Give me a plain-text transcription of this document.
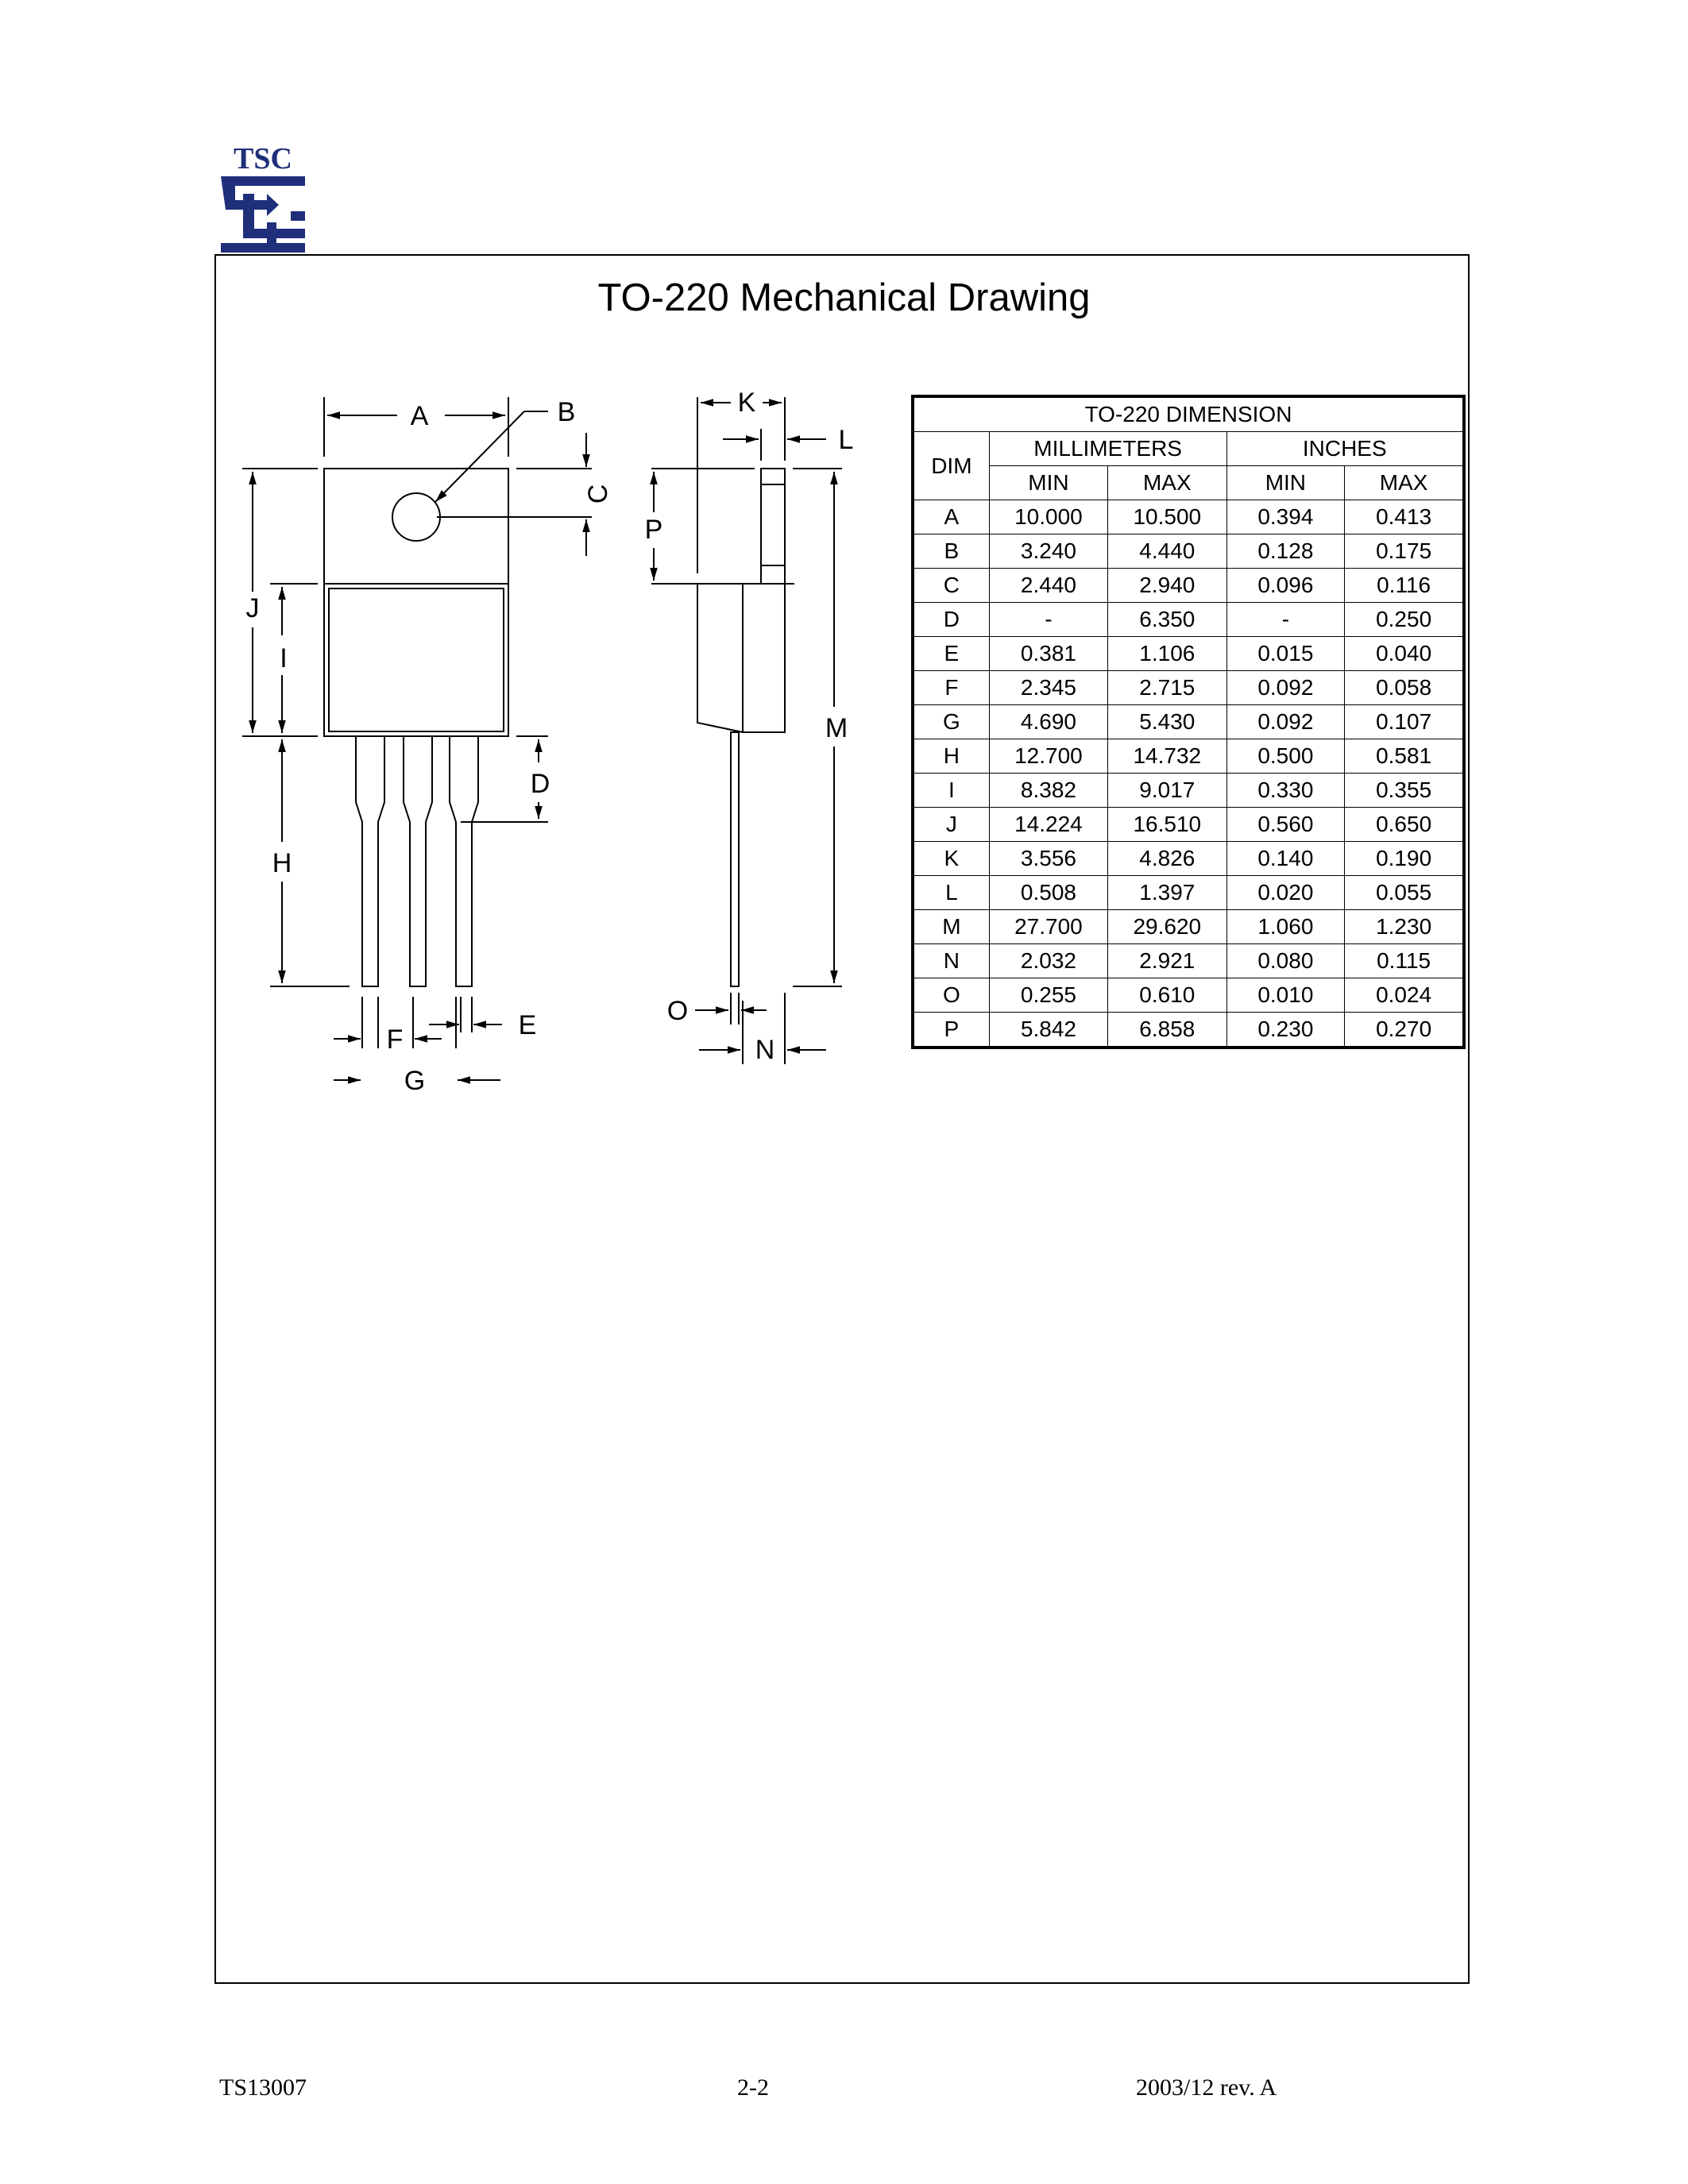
TSC
TO-220 Mechanical Drawing
A	B
C
J
I
D
H
F	E
G
K
L
P
M
O
N
TO-220 DIMENSION				
DIM	MILLIMETERS		INCHES	
	MIN	MAX	MIN	MAX
A	10.000	10.500	0.394	0.413
B	3.240	4.440	0.128	0.175
C	2.440	2.940	0.096	0.116
D	-	6.350	-	0.250
E	0.381	1.106	0.015	0.040
F	2.345	2.715	0.092	0.058
G	4.690	5.430	0.092	0.107
H	12.700	14.732	0.500	0.581
I	8.382	9.017	0.330	0.355
J	14.224	16.510	0.560	0.650
K	3.556	4.826	0.140	0.190
L	0.508	1.397	0.020	0.055
M	27.700	29.620	1.060	1.230
N	2.032	2.921	0.080	0.115
O	0.255	0.610	0.010	0.024
P	5.842	6.858	0.230	0.270
TS13007	2-2	2003/12 rev. A
